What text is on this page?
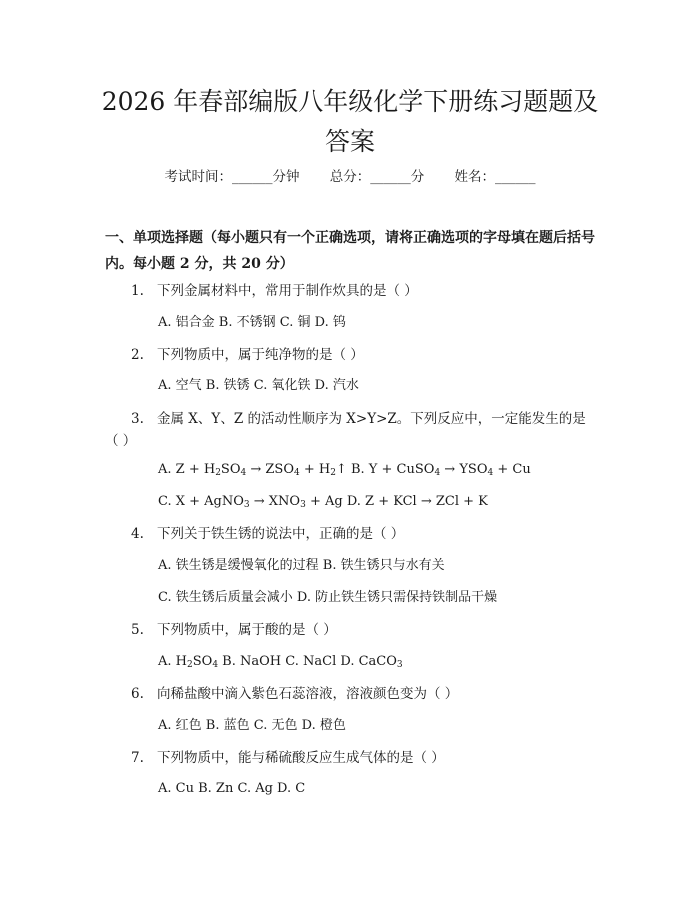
2026 年春部编版八年级化学下册练习题题及
答案
考试时间：______分钟 总分：______分 姓名：______
一、单项选择题（每小题只有一个正确选项，请将正确选项的字母填在题后括号
内。每小题 2 分，共 20 分）
1. 下列金属材料中，常用于制作炊具的是（ ）
A. 铝合金 B. 不锈钢 C. 铜 D. 钨
2. 下列物质中，属于纯净物的是（ ）
A. 空气 B. 铁锈 C. 氧化铁 D. 汽水
3. 金属 X、Y、Z 的活动性顺序为 X>Y>Z。下列反应中，一定能发生的是
（ ）
A. $Z + H_2SO_4 \to ZSO_4$ + $H_2↑$ B. Y + CuSO$_4$ → $YSO_4 + Cu$
C. X + AgNO$_3$ → $XNO_3 + Ag$ D. Z + KCl → ZCl + K
4. 下列关于铁生锈的说法中，正确的是（ ）
A. 铁生锈是缓慢氧化的过程 B. 铁生锈只与水有关
C. 铁生锈后质量会减小 D. 防止铁生锈只需保持铁制品干燥
5. 下列物质中，属于酸的是（ ）
A. $H_2SO_4$ B. NaOH C. NaCl D. CaCO$_3$
6. 向稀盐酸中滴入紫色石蕊溶液，溶液颜色变为（ ）
A. 红色 B. 蓝色 C. 无色 D. 橙色
7. 下列物质中，能与稀硫酸反应生成气体的是（ ）
A. Cu B. Zn C. Ag D. C
